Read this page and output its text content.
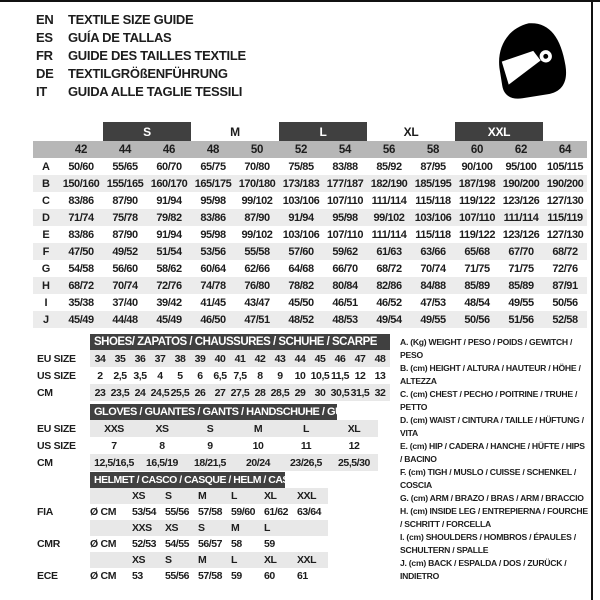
EN	TEXTILE SIZE GUIDE
ES	GUÍA DE TALLAS
FR	GUIDE DES TAILLES TEXTILE
DE	TEXTILGRÖßENFÜHRUNG
IT	GUIDA ALLE TAGLIE TESSILI
S	M	L	XL	XXL
42	44	46	48	50	52	54	56	58	60	62	64
A	50/60	55/65	60/70	65/75	70/80	75/85	83/88	85/92	87/95	90/100	95/100 105/115
B	150/160 155/165 160/170 165/175 170/180 173/183 177/187 182/190 185/195 187/198 190/200 190/200
C	83/86	87/90	91/94	95/98	99/102 103/106 107/110 111/114 115/118 119/122 123/126 127/130
D	71/74	75/78	79/82	83/86	87/90	91/94	95/98	99/102 103/106 107/110 111/114 115/119
E	83/86	87/90	91/94	95/98	99/102 103/106 107/110 111/114 115/118 119/122 123/126 127/130
F	47/50	49/52	51/54	53/56	55/58	57/60	59/62	61/63	63/66	65/68	67/70	68/72
G	54/58	56/60	58/62	60/64	62/66	64/68	66/70	68/72	70/74	71/75	71/75	72/76
H	68/72	70/74	72/76	74/78	76/80	78/82	80/84	82/86	84/88	85/89	85/89	87/91
I	35/38	37/40	39/42	41/45	43/47	45/50	46/51	46/52	47/53	48/54	49/55	50/56
J	45/49	44/48	45/49	46/50	47/51	48/52	48/53	49/54	49/55	50/56	51/56	52/58
SHOES/ ZAPATOS / CHAUSSURES / SCHUHE / SCARPE
EU SIZE	34 35 36 37 38 39 40 41 42 43 44 45 46 47 48
US SIZE	2	2,5 3,5	4	5	6	6,5 7,5	8	9	10 10,5 11,5 12 13
CM	23 23,5 24 24,5 25,5 26 27 27,5 28 28,5 29 30 30,5 31,5 32
GLOVES / GUANTES / GANTS / HANDSCHUHE / GUANTI
EU SIZE	XXS	XS	S	M	L	XL
US SIZE	7	8	9	10	11	12
CM	12,5/16,5	16,5/19	18/21,5	20/24	23/26,5	25,5/30
HELMET / CASCO / CASQUE / HELM / CASCO
XS	S	M	L	XL	XXL
FIA	Ø CM	53/54 55/56 57/58 59/60 61/62 63/64
XXS	XS	S	M	L
CMR	Ø CM	52/53 54/55 56/57 58	59
XS	S	M	L	XL	XXL
ECE	Ø CM	53	55/56 57/58 59	60	61
A. (Kg) WEIGHT / PESO / POIDS / GEWITCH / PESO
B. (cm) HEIGHT / ALTURA / HAUTEUR / HÖHE / ALTEZZA
C. (cm) CHEST / PECHO / POITRINE / TRUHE / PETTO
D. (cm) WAIST / CINTURA / TAILLE / HÜFTUNG / VITA
E. (cm) HIP / CADERA / HANCHE / HÜFTE / HIPS / BACINO
F. (cm) TIGH / MUSLO / CUISSE / SCHENKEL / COSCIA
G. (cm) ARM / BRAZO / BRAS / ARM / BRACCIO
H. (cm) INSIDE LEG / ENTREPIERNA / FOURCHE / SCHRITT / FORCELLA
I. (cm) SHOULDERS / HOMBROS / ÉPAULES / SCHULTERN / SPALLE
J. (cm) BACK / ESPALDA / DOS / ZURÜCK / INDIETRO
